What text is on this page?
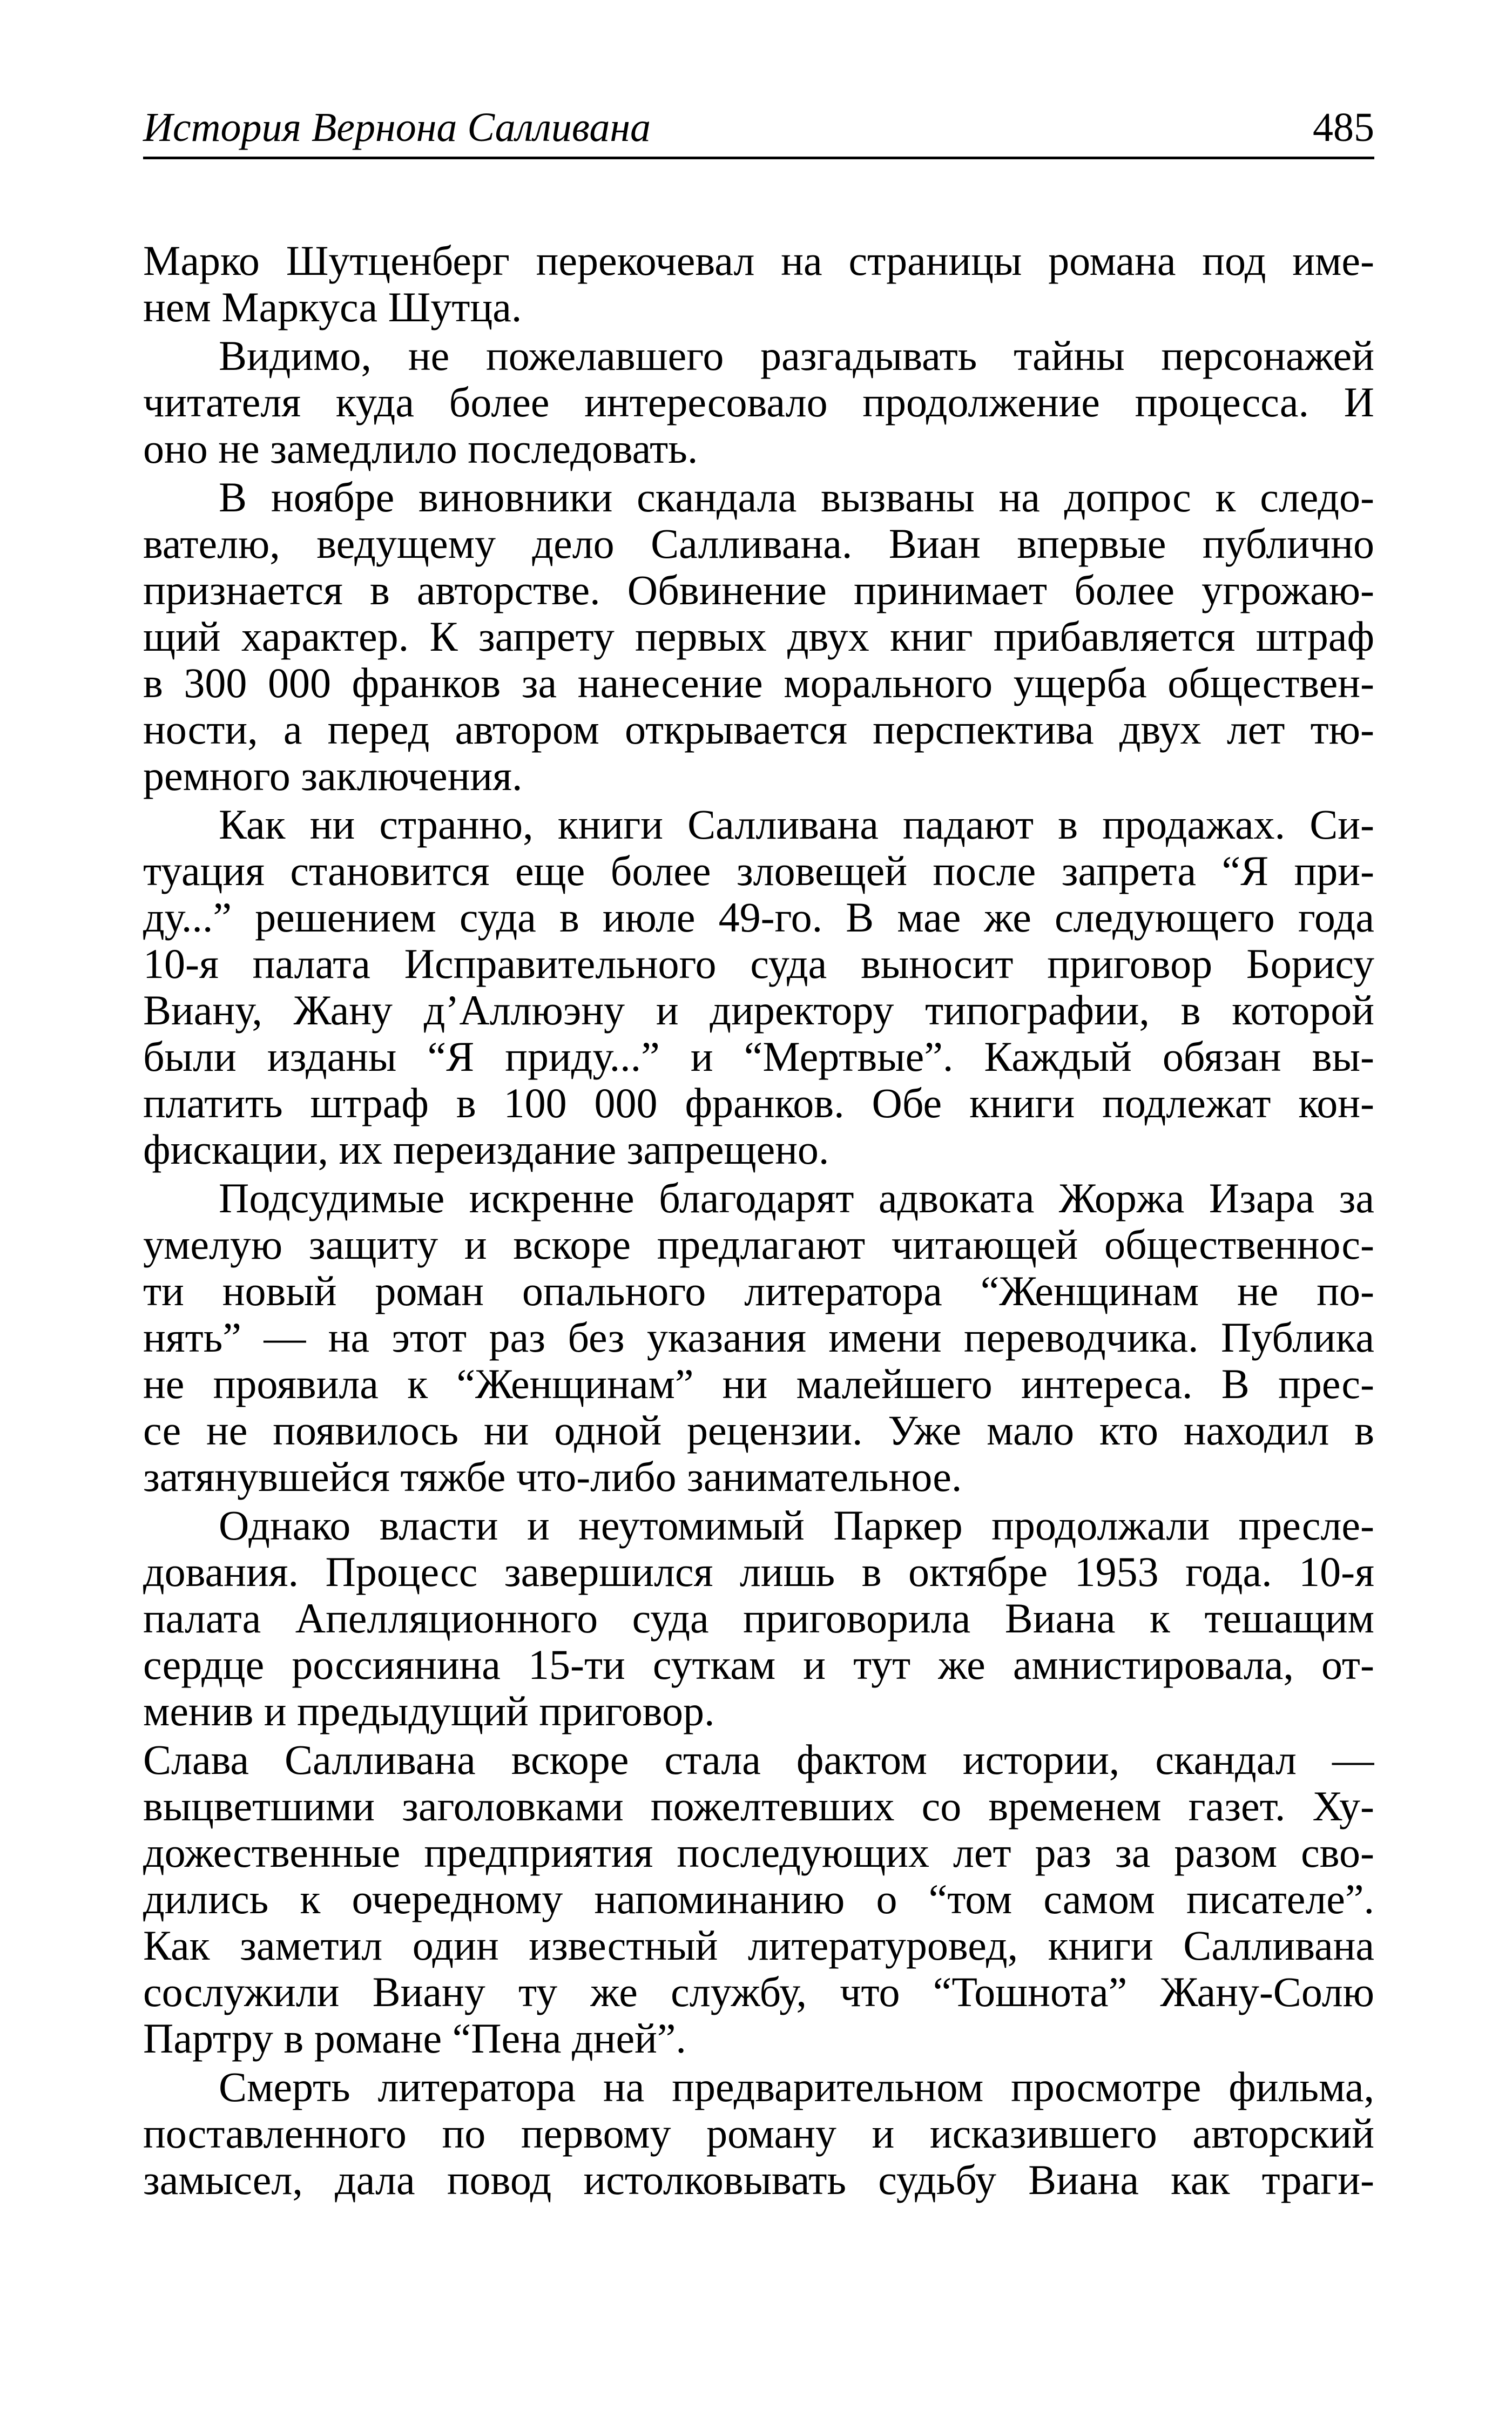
История Вернона Салливана	485
Марко Шутценберг перекочевал на страницы романа под име-
нем Маркуса Шутца.
Видимо, не пожелавшего разгадывать тайны персонажей
читателя куда более интересовало продолжение процесса. И
оно не замедлило последовать.
В ноябре виновники скандала вызваны на допрос к следо-
вателю, ведущему дело Салливана. Виан впервые публично
признается в авторстве. Обвинение принимает более угрожаю-
щий характер. К запрету первых двух книг прибавляется штраф
в 300 000 франков за нанесение морального ущерба обществен-
ности, а перед автором открывается перспектива двух лет тю-
ремного заключения.
Как ни странно, книги Салливана падают в продажах. Си-
туация становится еще более зловещей после запрета “Я при-
ду...” решением суда в июле 49-го. В мае же следующего года
10-я палата Исправительного суда выносит приговор Борису
Виану, Жану д’Аллюэну и директору типографии, в которой
были изданы “Я приду...” и “Мертвые”. Каждый обязан вы-
платить штраф в 100 000 франков. Обе книги подлежат кон-
фискации, их переиздание запрещено.
Подсудимые искренне благодарят адвоката Жоржа Изара за
умелую защиту и вскоре предлагают читающей общественнос-
ти новый роман опального литератора “Женщинам не по-
нять” — на этот раз без указания имени переводчика. Публика
не проявила к “Женщинам” ни малейшего интереса. В прес-
се не появилось ни одной рецензии. Уже мало кто находил в
затянувшейся тяжбе что-либо занимательное.
Однако власти и неутомимый Паркер продолжали пресле-
дования. Процесс завершился лишь в октябре 1953 года. 10-я
палата Апелляционного суда приговорила Виана к тешащим
сердце россиянина 15-ти суткам и тут же амнистировала, от-
менив и предыдущий приговор.
Слава Салливана вскоре стала фактом истории, скандал —
выцветшими заголовками пожелтевших со временем газет. Ху-
дожественные предприятия последующих лет раз за разом сво-
дились к очередному напоминанию о “том самом писателе”.
Как заметил один известный литературовед, книги Салливана
сослужили Виану ту же службу, что “Тошнота” Жану-Солю
Партру в романе “Пена дней”.
Смерть литератора на предварительном просмотре фильма,
поставленного по первому роману и исказившего авторский
замысел, дала повод истолковывать судьбу Виана как траги-
